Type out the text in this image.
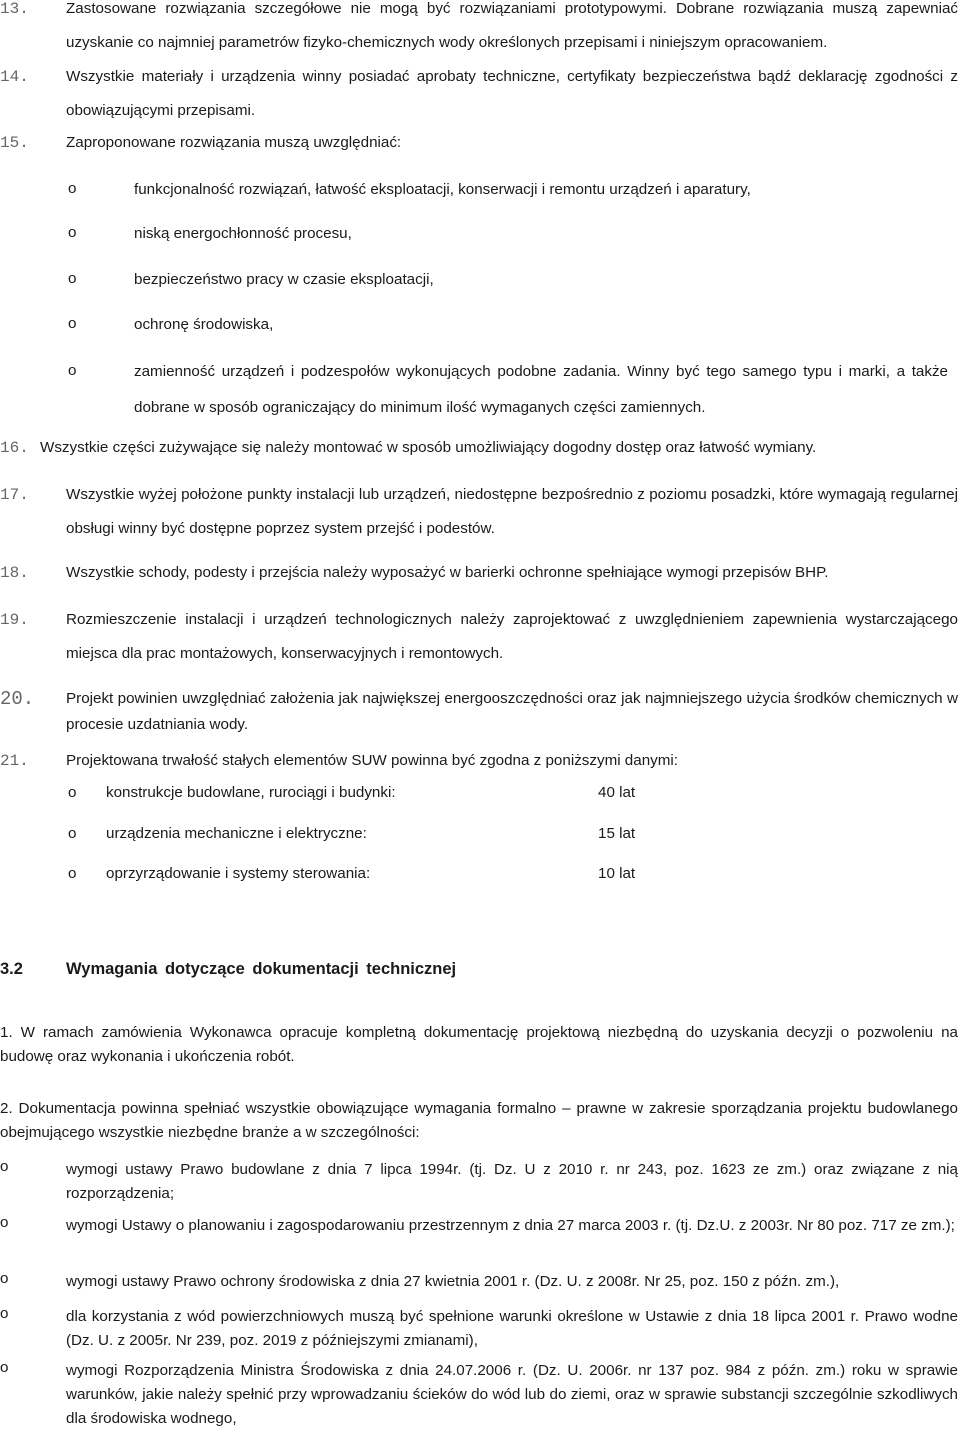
13. Zastosowane rozwiązania szczegółowe nie mogą być rozwiązaniami prototypowymi. Dobrane rozwiązania muszą zapewniać uzyskanie co najmniej parametrów fizyko-chemicznych wody określonych przepisami i niniejszym opracowaniem.
14. Wszystkie materiały i urządzenia winny posiadać aprobaty techniczne, certyfikaty bezpieczeństwa bądź deklarację zgodności z obowiązującymi przepisami.
15. Zaproponowane rozwiązania muszą uwzględniać:
o	funkcjonalność rozwiązań, łatwość eksploatacji, konserwacji i remontu urządzeń i aparatury,
o	niską energochłonność procesu,
o	bezpieczeństwo pracy w czasie eksploatacji,
o	ochronę środowiska,
o	zamienność urządzeń i podzespołów wykonujących podobne zadania. Winny być tego samego typu i marki, a także dobrane w sposób ograniczający do minimum ilość wymaganych części zamiennych.
16. Wszystkie części zużywające się należy montować w sposób umożliwiający dogodny dostęp oraz łatwość wymiany.
17. Wszystkie wyżej położone punkty instalacji lub urządzeń, niedostępne bezpośrednio z poziomu posadzki, które wymagają regularnej obsługi winny być dostępne poprzez system przejść i podestów.
18. Wszystkie schody, podesty i przejścia należy wyposażyć w barierki ochronne spełniające wymogi przepisów BHP.
19. Rozmieszczenie instalacji i urządzeń technologicznych należy zaprojektować z uwzględnieniem zapewnienia wystarczającego miejsca dla prac montażowych, konserwacyjnych i remontowych.
20. Projekt powinien uwzględniać założenia jak największej energooszczędności oraz jak najmniejszego użycia środków chemicznych w procesie uzdatniania wody.
21. Projektowana trwałość stałych elementów SUW powinna być zgodna z poniższymi danymi:
o konstrukcje budowlane, rurociągi i budynki:	40 lat
o urządzenia mechaniczne i elektryczne:	15 lat
o oprzyrządowanie i systemy sterowania:	10 lat
3.2	Wymagania dotyczące dokumentacji technicznej
1. W ramach zamówienia Wykonawca opracuje kompletną dokumentację projektową niezbędną do uzyskania decyzji o pozwoleniu na budowę oraz wykonania i ukończenia robót.
2. Dokumentacja powinna spełniać wszystkie obowiązujące wymagania formalno – prawne w zakresie sporządzania projektu budowlanego obejmującego wszystkie niezbędne branże a w szczególności:
o	wymogi ustawy Prawo budowlane z dnia 7 lipca 1994r. (tj. Dz. U z 2010 r. nr 243, poz. 1623 ze zm.) oraz związane z nią rozporządzenia;
o	wymogi Ustawy o planowaniu i zagospodarowaniu przestrzennym z dnia 27 marca 2003 r. (tj. Dz.U. z 2003r. Nr 80 poz. 717 ze zm.);
o	wymogi ustawy Prawo ochrony środowiska z dnia 27 kwietnia 2001 r. (Dz. U. z 2008r. Nr 25, poz. 150 z późn. zm.),
o	dla korzystania z wód powierzchniowych muszą być spełnione warunki określone w Ustawie z dnia 18 lipca 2001 r. Prawo wodne (Dz. U. z 2005r. Nr 239, poz. 2019 z późniejszymi zmianami),
o	wymogi Rozporządzenia Ministra Środowiska z dnia 24.07.2006 r. (Dz. U. 2006r. nr 137 poz. 984 z późn. zm.) roku w sprawie warunków, jakie należy spełnić przy wprowadzaniu ścieków do wód lub do ziemi, oraz w sprawie substancji szczególnie szkodliwych dla środowiska wodnego,
